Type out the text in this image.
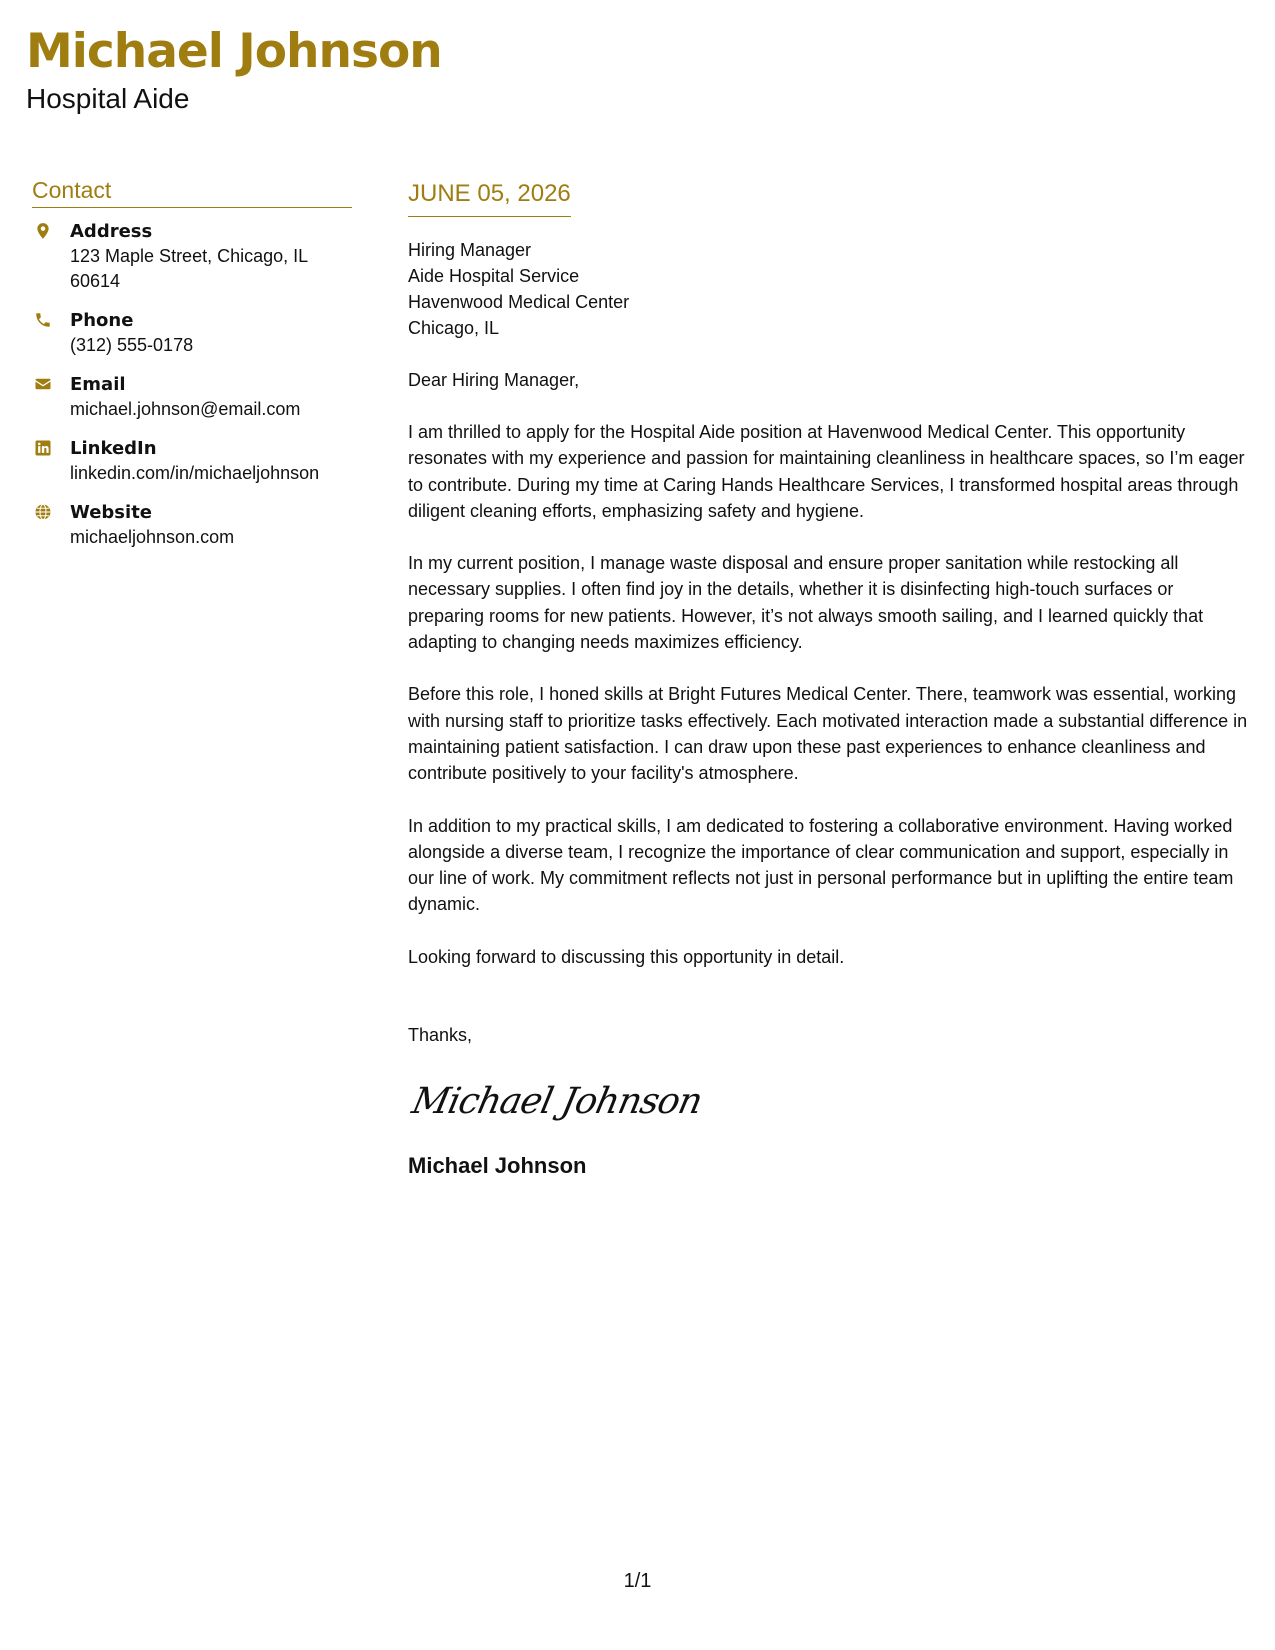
Michael Johnson
Hospital Aide
Contact
Address
123 Maple Street, Chicago, IL 60614
Phone
(312) 555-0178
Email
michael.johnson@email.com
LinkedIn
linkedin.com/in/michaeljohnson
Website
michaeljohnson.com
JUNE 05, 2026
Hiring Manager
Aide Hospital Service
Havenwood Medical Center
Chicago, IL
Dear Hiring Manager,

I am thrilled to apply for the Hospital Aide position at Havenwood Medical Center. This opportunity resonates with my experience and passion for maintaining cleanliness in healthcare spaces, so I’m eager to contribute. During my time at Caring Hands Healthcare Services, I transformed hospital areas through diligent cleaning efforts, emphasizing safety and hygiene.

In my current position, I manage waste disposal and ensure proper sanitation while restocking all necessary supplies. I often find joy in the details, whether it is disinfecting high-touch surfaces or preparing rooms for new patients. However, it’s not always smooth sailing, and I learned quickly that adapting to changing needs maximizes efficiency.

Before this role, I honed skills at Bright Futures Medical Center. There, teamwork was essential, working with nursing staff to prioritize tasks effectively. Each motivated interaction made a substantial difference in maintaining patient satisfaction. I can draw upon these past experiences to enhance cleanliness and contribute positively to your facility's atmosphere.

In addition to my practical skills, I am dedicated to fostering a collaborative environment. Having worked alongside a diverse team, I recognize the importance of clear communication and support, especially in our line of work. My commitment reflects not just in personal performance but in uplifting the entire team dynamic.

Looking forward to discussing this opportunity in detail.

Thanks,
Michael Johnson
Michael Johnson
1/1
